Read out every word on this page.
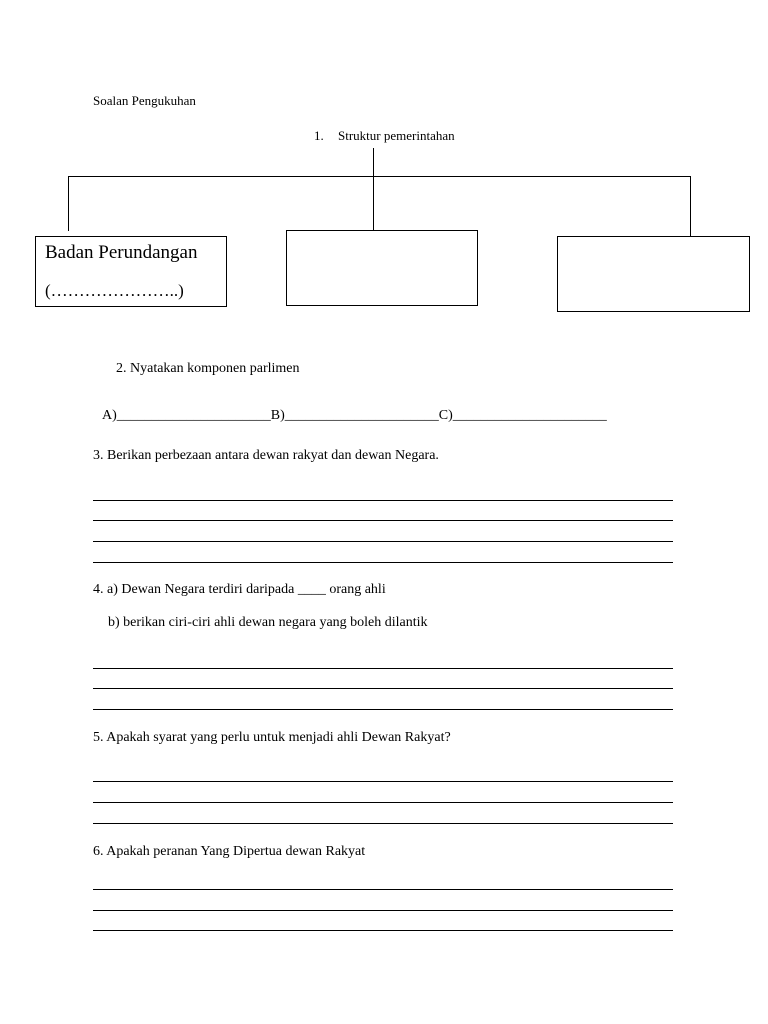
Soalan Pengukuhan
1. Struktur pemerintahan
Badan Perundangan
(…………………..)
2. Nyatakan komponen parlimen
A)______________________B)______________________C)______________________
3. Berikan perbezaan antara dewan rakyat dan dewan Negara.
4. a) Dewan Negara terdiri daripada ____ orang ahli
b) berikan ciri-ciri ahli dewan negara yang boleh dilantik
5. Apakah syarat yang perlu untuk menjadi ahli Dewan Rakyat?
6. Apakah peranan Yang Dipertua dewan Rakyat
